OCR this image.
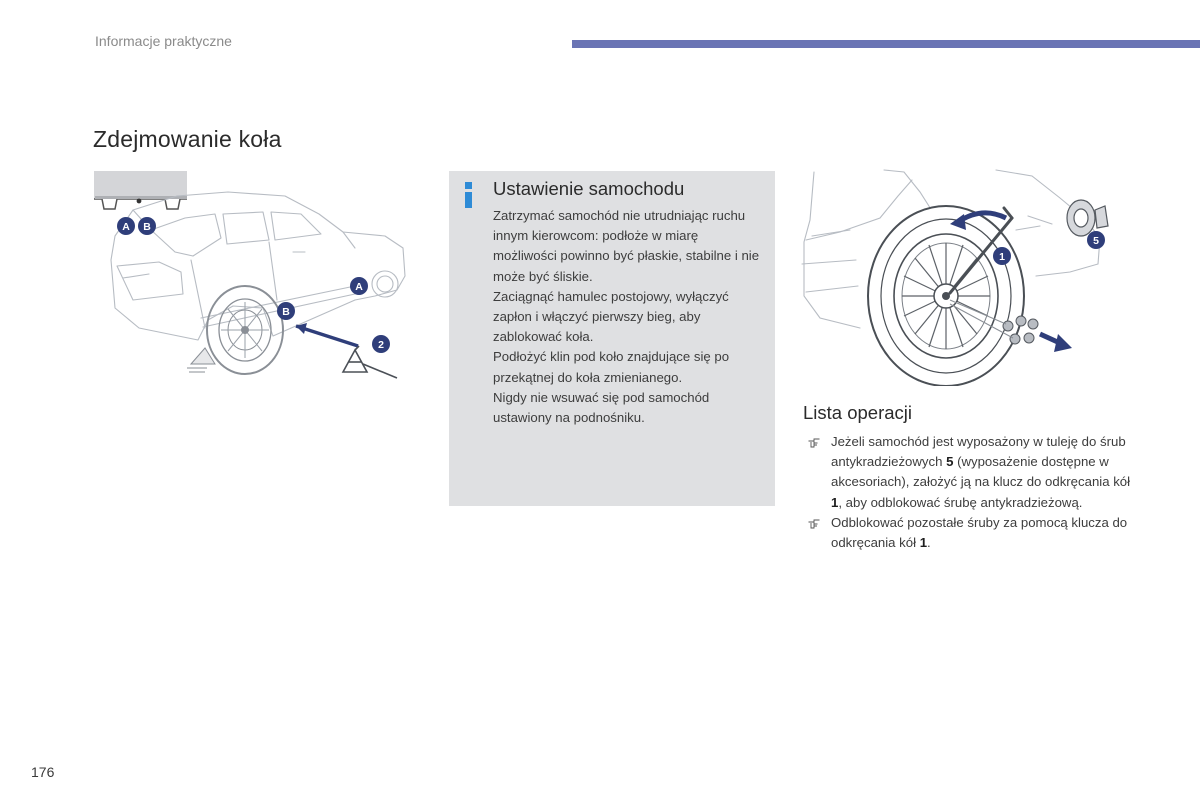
Informacje praktyczne
Zdejmowanie koła
A B
A
B
2
Ustawienie samochodu

Zatrzymać samochód nie utrudniając ruchu innym kierowcom: podłoże w miarę możliwości powinno być płaskie, stabilne i nie może być śliskie.

Zaciągnąć hamulec postojowy, wyłączyć zapłon i włączyć pierwszy bieg, aby zablokować koła.

Podłożyć klin pod koło znajdujące się po przekątnej do koła zmienianego.

Nigdy nie wsuwać się pod samochód ustawiony na podnośniku.

1
5
Lista operacji
Jeżeli samochód jest wyposażony w tuleję do śrub antykradzieżowych 5 (wyposażenie dostępne w akcesoriach), założyć ją na klucz do odkręcania kół 1, aby odblokować śrubę antykradzieżową.
Odblokować pozostałe śruby za pomocą klucza do odkręcania kół 1.
176
